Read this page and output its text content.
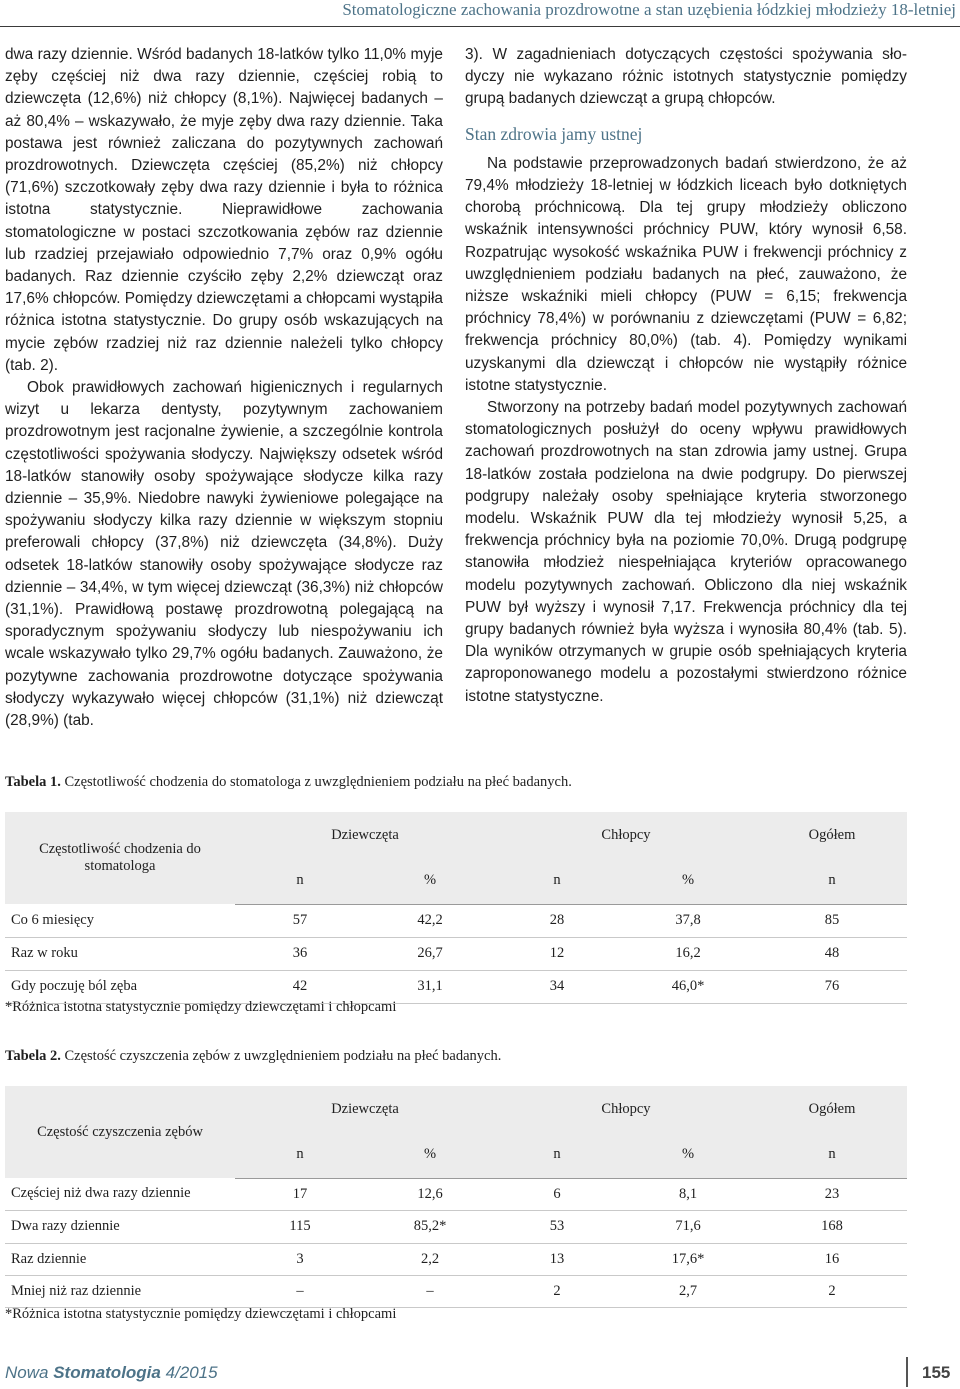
Stomatologiczne zachowania prozdrowotne a stan uzębienia łódzkiej młodzieży 18-letniej

dwa razy dziennie. Wśród badanych 18-latków tylko 11,0% myje zęby częściej niż dwa razy dziennie, częściej robią to dziewczęta (12,6%) niż chłopcy (8,1%). Najwięcej badanych – aż 80,4% – wskazywało, że myje zęby dwa razy dziennie. Taka postawa jest również zaliczana do pozytywnych zachowań prozdrowotnych. Dziewczęta częściej (85,2%) niż chłopcy (71,6%) szczotkowały zęby dwa razy dziennie i była to różnica istotna statystycznie. Nieprawidłowe zachowania stomatologiczne w postaci szczotkowania zębów raz dziennie lub rzadziej przejawiało odpowiednio 7,7% oraz 0,9% ogółu badanych. Raz dziennie czyściło zęby 2,2% dziewcząt oraz 17,6% chłopców. Pomiędzy dziewczętami a chłopcami wystąpiła różnica istotna statystycznie. Do grupy osób wskazujących na mycie zębów rzadziej niż raz dziennie należeli tylko chłopcy (tab. 2).

Obok prawidłowych zachowań higienicznych i regularnych wizyt u lekarza dentysty, pozytywnym zachowaniem prozdrowotnym jest racjonalne żywienie, a szczególnie kontrola częstotliwości spożywania słodyczy. Największy odsetek wśród 18-latków stanowiły osoby spożywające słodycze kilka razy dziennie – 35,9%. Niedobre nawyki żywieniowe polegające na spożywaniu słodyczy kilka razy dziennie w większym stopniu preferowali chłopcy (37,8%) niż dziewczęta (34,8%). Duży odsetek 18-latków stanowiły osoby spożywające słodycze raz dziennie – 34,4%, w tym więcej dziewcząt (36,3%) niż chłopców (31,1%). Prawidłową postawę prozdrowotną polegającą na sporadycznym spożywaniu słodyczy lub niespożywaniu ich wcale wskazywało tylko 29,7% ogółu badanych. Zauważono, że pozytywne zachowania prozdrowotne dotyczące spożywania słodyczy wykazywało więcej chłopców (31,1%) niż dziewcząt (28,9%) (tab.

3). W zagadnieniach dotyczących częstości spożywania słodyczy nie wykazano różnic istotnych statystycznie pomiędzy grupą badanych dziewcząt a grupą chłopców.

Stan zdrowia jamy ustnej

Na podstawie przeprowadzonych badań stwierdzono, że aż 79,4% młodzieży 18-letniej w łódzkich liceach było dotkniętych chorobą próchnicową. Dla tej grupy młodzieży obliczono wskaźnik intensywności próchnicy PUW, który wynosił 6,58. Rozpatrując wysokość wskaźnika PUW i frekwencji próchnicy z uwzględnieniem podziału badanych na płeć, zauważono, że niższe wskaźniki mieli chłopcy (PUW = 6,15; frekwencja próchnicy 78,4%) w porównaniu z dziewczętami (PUW = 6,82; frekwencja próchnicy 80,0%) (tab. 4). Pomiędzy wynikami uzyskanymi dla dziewcząt i chłopców nie wystąpiły różnice istotne statystycznie.

Stworzony na potrzeby badań model pozytywnych zachowań stomatologicznych posłużył do oceny wpływu prawidłowych zachowań prozdrowotnych na stan zdrowia jamy ustnej. Grupa 18-latków została podzielona na dwie podgrupy. Do pierwszej podgrupy należały osoby spełniające kryteria stworzonego modelu. Wskaźnik PUW dla tej młodzieży wynosił 5,25, a frekwencja próchnicy była na poziomie 70,0%. Drugą podgrupę stanowiła młodzież niespełniająca kryteriów opracowanego modelu pozytywnych zachowań. Obliczono dla niej wskaźnik PUW był wyższy i wynosił 7,17. Frekwencja próchnicy dla tej grupy badanych również była wyższa i wynosiła 80,4% (tab. 5). Dla wyników otrzymanych w grupie osób spełniających kryteria zaproponowanego modelu a pozostałymi stwierdzono różnice istotne statystyczne.

Tabela 1. Częstotliwość chodzenia do stomatologa z uwzględnieniem podziału na płeć badanych.
Częstotliwość chodzenia do stomatologa	Dziewczęta		Chłopcy		Ogółem
	n	%	n	%	n
Co 6 miesięcy	57	42,2	28	37,8	85
Raz w roku	36	26,7	12	16,2	48
Gdy poczuję ból zęba	42	31,1	34	46,0*	76
*Różnica istotna statystycznie pomiędzy dziewczętami i chłopcami
Tabela 2. Częstość czyszczenia zębów z uwzględnieniem podziału na płeć badanych.
Częstość czyszczenia zębów	Dziewczęta		Chłopcy		Ogółem
	n	%	n	%	n
Częściej niż dwa razy dziennie	17	12,6	6	8,1	23
Dwa razy dziennie	115	85,2*	53	71,6	168
Raz dziennie	3	2,2	13	17,6*	16
Mniej niż raz dziennie	–	–	2	2,7	2
*Różnica istotna statystycznie pomiędzy dziewczętami i chłopcami
Nowa Stomatologia 4/2015	155
